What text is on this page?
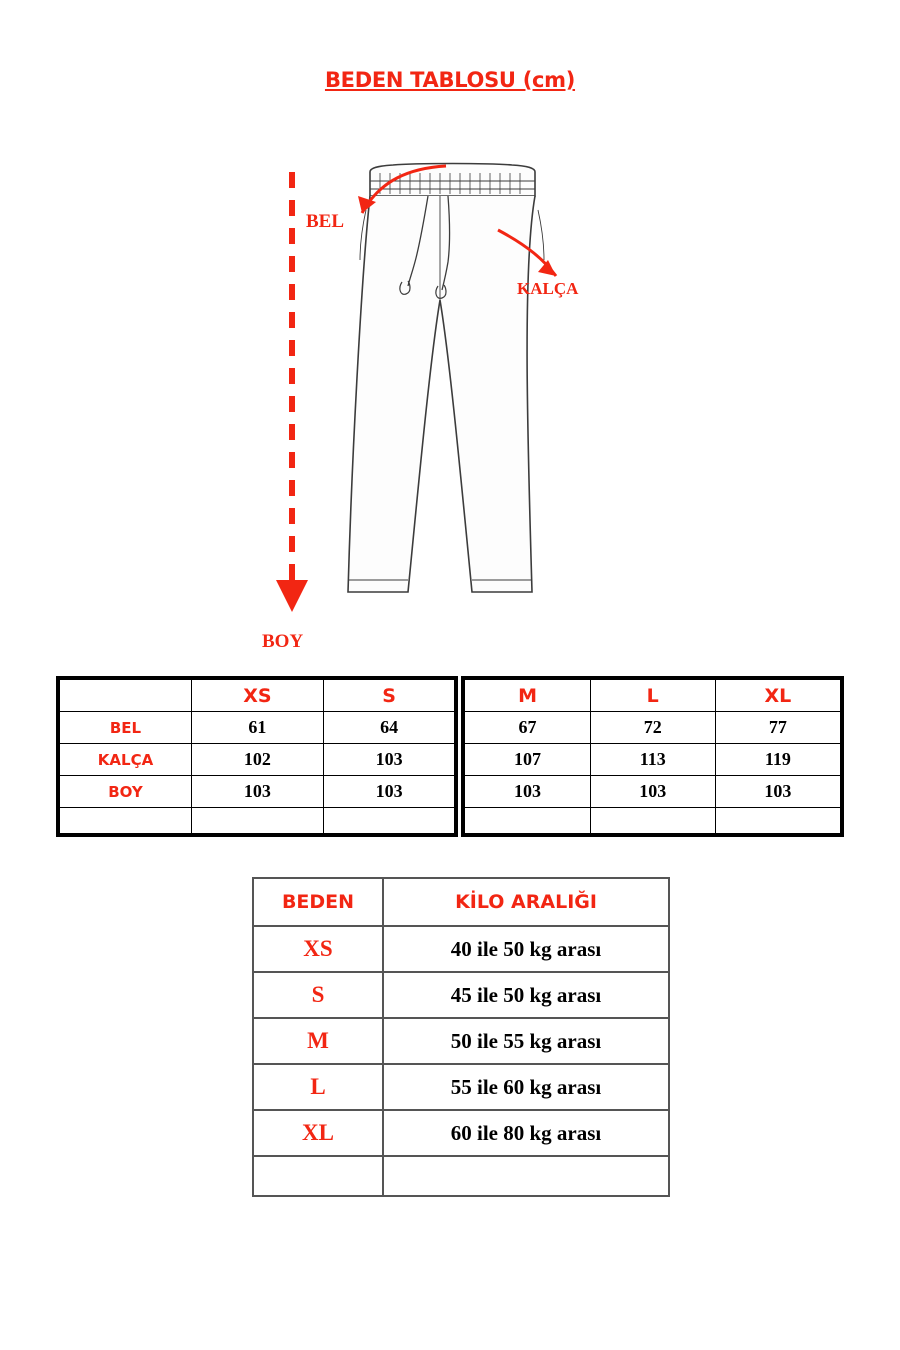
BEDEN TABLOSU (cm)
BEL
KALÇA
BOY
	XS	S
BEL	61	64
KALÇA	102	103
BOY	103	103

M	L	XL
67	72	77
107	113	119
103	103	103

BEDEN	KİLO ARALIĞI
XS	40 ile 50 kg arası
S	45 ile 50 kg arası
M	50 ile 55 kg arası
L	55 ile 60 kg arası
XL	60 ile 80 kg arası
